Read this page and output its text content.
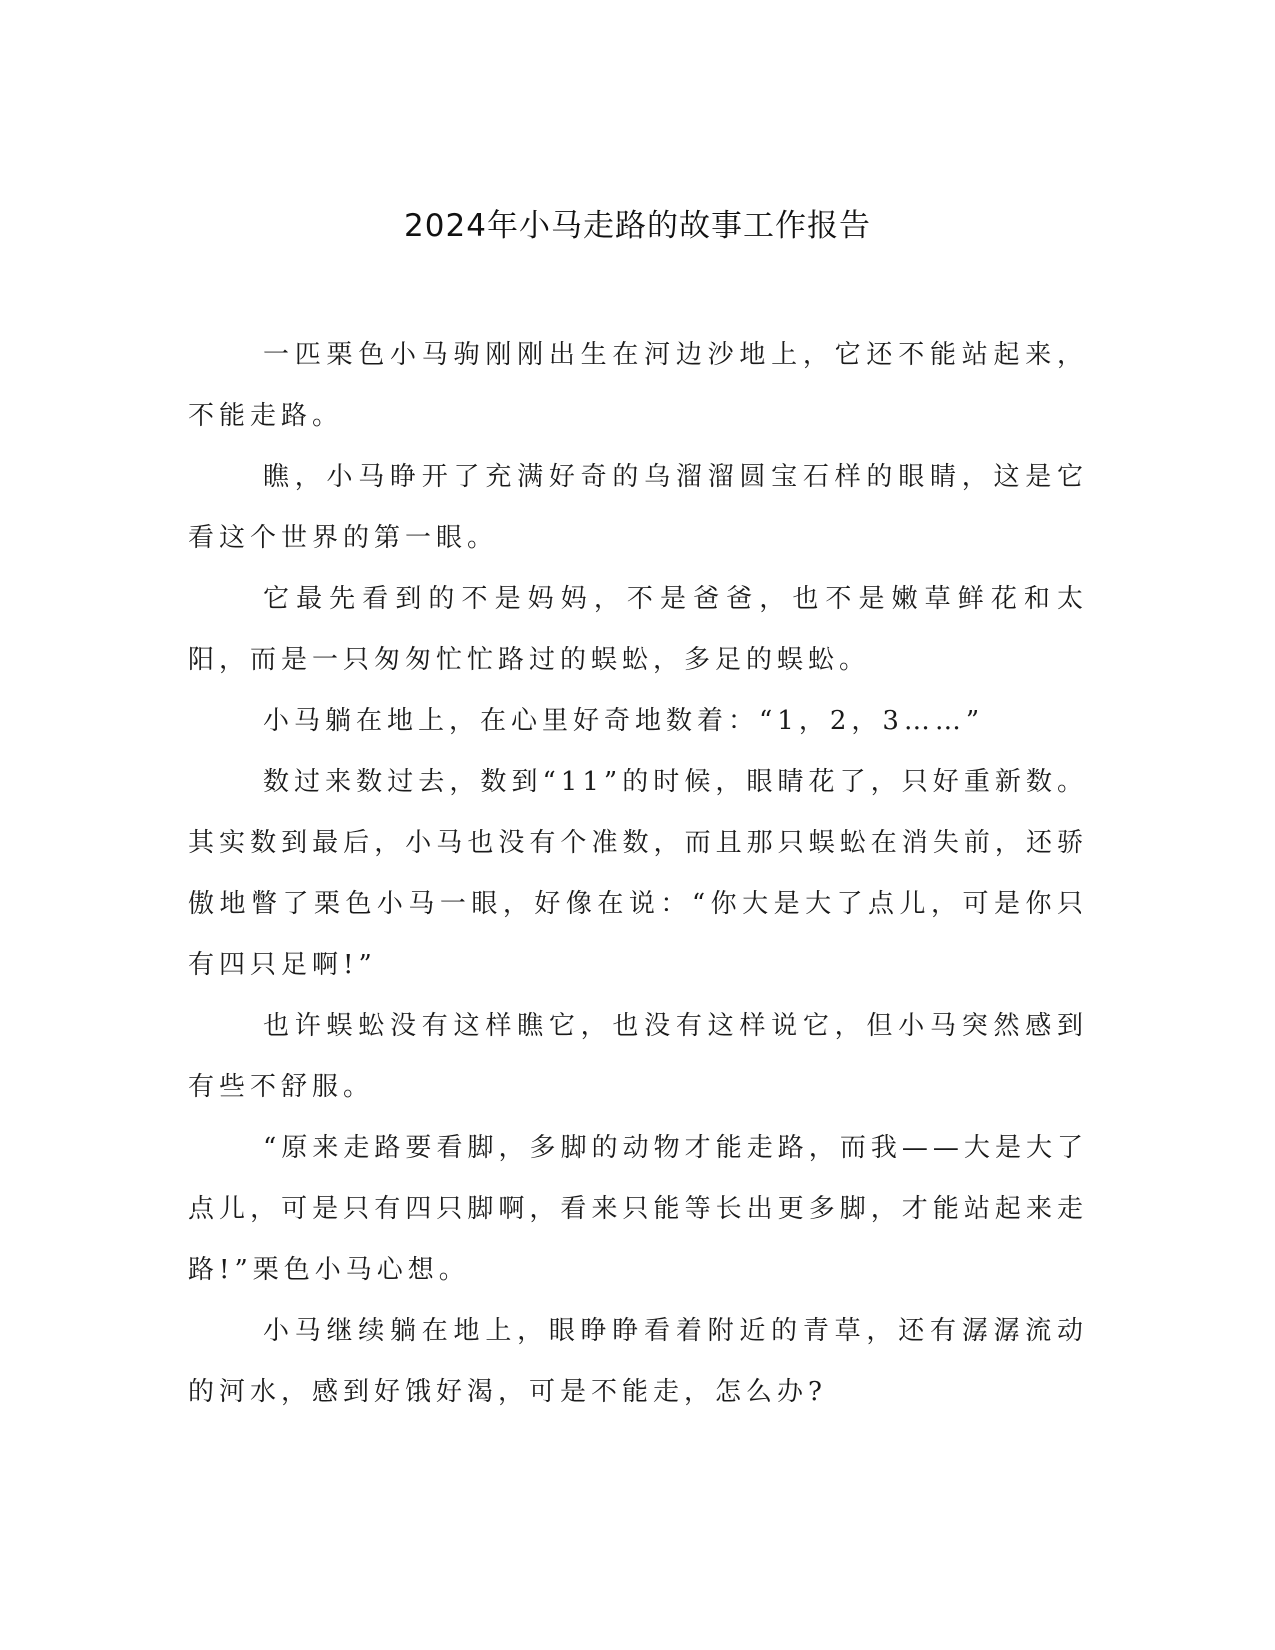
2024年小马走路的故事工作报告

一匹栗色小马驹刚刚出生在河边沙地上，它还不能站起来，不能走路。

瞧，小马睁开了充满好奇的乌溜溜圆宝石样的眼睛，这是它看这个世界的第一眼。

它最先看到的不是妈妈，不是爸爸，也不是嫩草鲜花和太阳，而是一只匆匆忙忙路过的蜈蚣，多足的蜈蚣。

小马躺在地上，在心里好奇地数着：“1，2，3……”

数过来数过去，数到“11”的时候，眼睛花了，只好重新数。其实数到最后，小马也没有个准数，而且那只蜈蚣在消失前，还骄傲地瞥了栗色小马一眼，好像在说：“你大是大了点儿，可是你只有四只足啊!”

也许蜈蚣没有这样瞧它，也没有这样说它，但小马突然感到有些不舒服。

“原来走路要看脚，多脚的动物才能走路，而我——大是大了点儿，可是只有四只脚啊，看来只能等长出更多脚，才能站起来走路!”栗色小马心想。

小马继续躺在地上，眼睁睁看着附近的青草，还有潺潺流动的河水，感到好饿好渴，可是不能走，怎么办?
